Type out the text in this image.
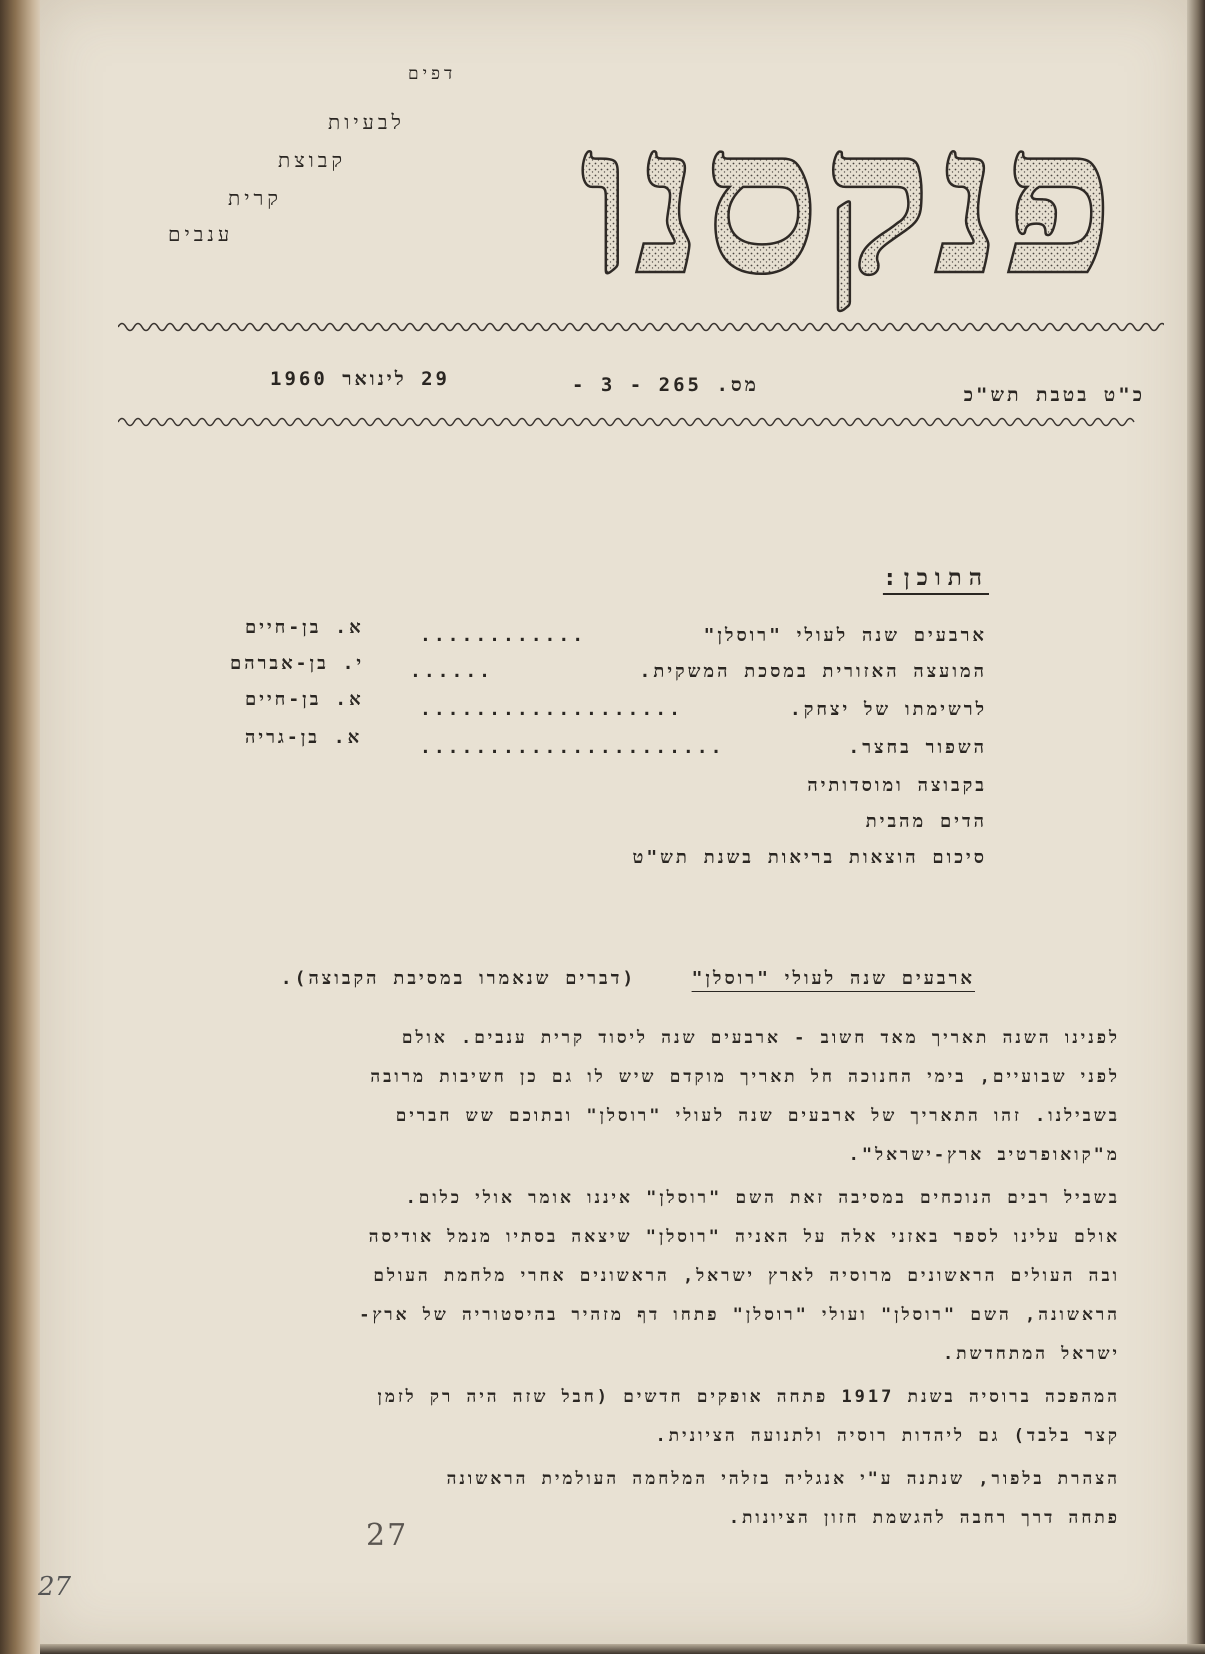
דפים
לבעיות
קבוצת
קרית
ענבים פנקסנו
כ"ט בטבת תש"כ
מס. 265 - 3 -
29 לינואר 1960
התוכן:
ארבעים שנה לעולי "רוסלן"
............
א. בן-חיים
המועצה האזורית במסכת המשקית.
......
י. בן-אברהם
לרשימתו של יצחק.
...................
א. בן-חיים
השפור בחצר.
......................
א. בן-גריה
בקבוצה ומוסדותיה
הדים מהבית
סיכום הוצאות בריאות בשנת תש"ט
ארבעים שנה לעולי "רוסלן"    (דברים שנאמרו במסיבת הקבוצה).
לפנינו השנה תאריך מאד חשוב - ארבעים שנה ליסוד קרית ענבים. אולם
לפני שבועיים, בימי החנוכה חל תאריך מוקדם שיש לו גם כן חשיבות מרובה
בשבילנו. זהו התאריך של ארבעים שנה לעולי "רוסלן" ובתוכם שש חברים
מ"קואופרטיב ארץ-ישראל".
בשביל רבים הנוכחים במסיבה זאת השם "רוסלן" איננו אומר אולי כלום.
אולם עלינו לספר באזני אלה על האניה "רוסלן" שיצאה בסתיו מנמל אודיסה
ובה העולים הראשונים מרוסיה לארץ ישראל, הראשונים אחרי מלחמת העולם
הראשונה, השם "רוסלן" ועולי "רוסלן" פתחו דף מזהיר בהיסטוריה של ארץ-
ישראל המתחדשת.
המהפכה ברוסיה בשנת 1917 פתחה אופקים חדשים (חבל שזה היה רק לזמן
קצר בלבד) גם ליהדות רוסיה ולתנועה הציונית.
הצהרת בלפור, שנתנה ע"י אנגליה בזלהי המלחמה העולמית הראשונה
פתחה דרך רחבה להגשמת חזון הציונות.
27
27
